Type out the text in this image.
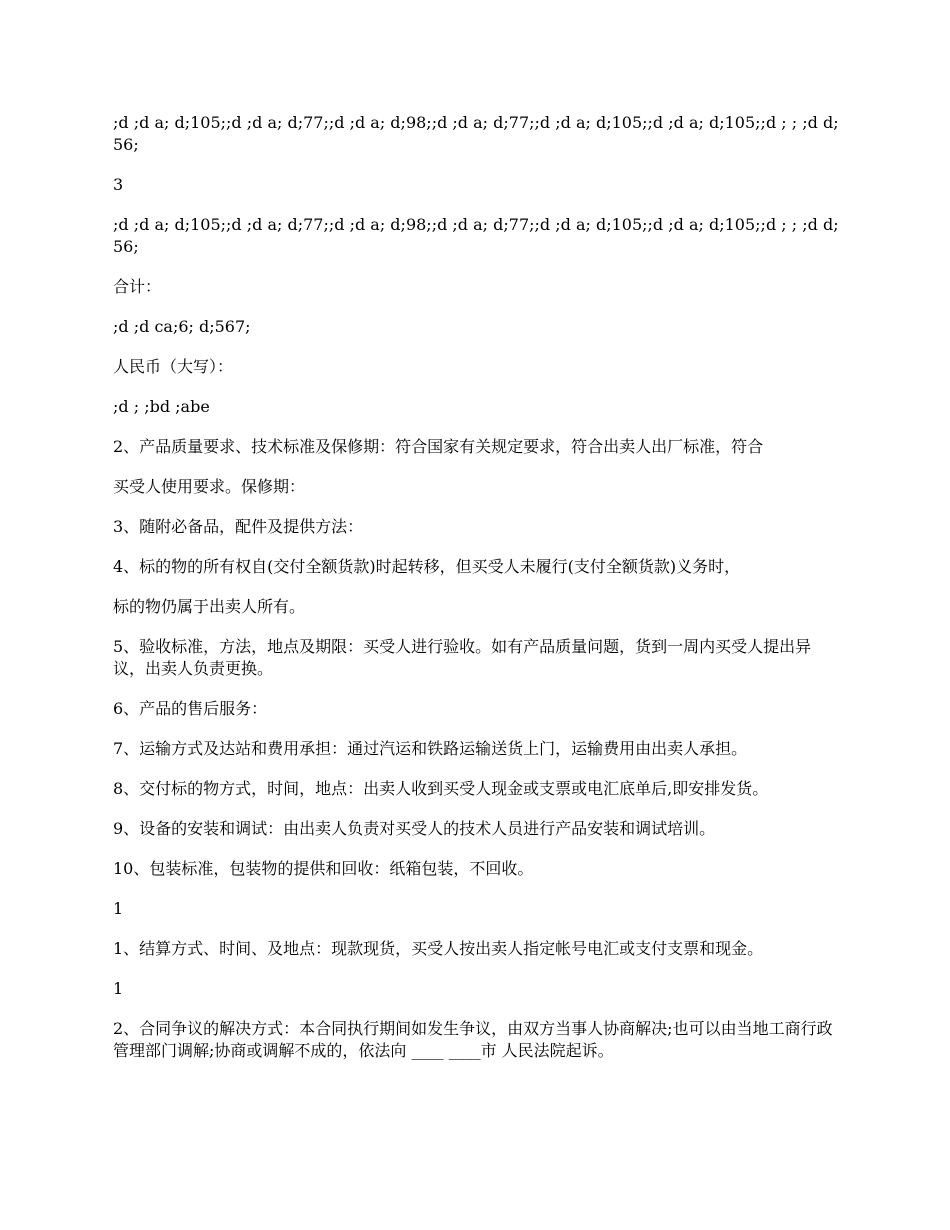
;d ;d a; d;105;;d ;d a; d;77;;d ;d a; d;98;;d ;d a; d;77;;d ;d a; d;105;;d ;d a; d;105;;d ; ; ;d d;56;

3

;d ;d a; d;105;;d ;d a; d;77;;d ;d a; d;98;;d ;d a; d;77;;d ;d a; d;105;;d ;d a; d;105;;d ; ; ;d d;56;

合计：

;d ;d ca;6; d;567;

人民币（大写）：

;d ; ;bd ;abe

2、产品质量要求、技术标准及保修期：符合国家有关规定要求，符合出卖人出厂标准，符合

买受人使用要求。保修期：

3、随附必备品，配件及提供方法：

4、标的物的所有权自(交付全额货款)时起转移，但买受人未履行(支付全额货款)义务时，

标的物仍属于出卖人所有。

5、验收标准，方法，地点及期限：买受人进行验收。如有产品质量问题，货到一周内买受人提出异议，出卖人负责更换。

6、产品的售后服务：

7、运输方式及达站和费用承担：通过汽运和铁路运输送货上门，运输费用由出卖人承担。

8、交付标的物方式，时间，地点：出卖人收到买受人现金或支票或电汇底单后,即安排发货。

9、设备的安装和调试：由出卖人负责对买受人的技术人员进行产品安装和调试培训。

10、包装标准，包装物的提供和回收：纸箱包装，不回收。

1

1、结算方式、时间、及地点：现款现货，买受人按出卖人指定帐号电汇或支付支票和现金。

1

2、合同争议的解决方式：本合同执行期间如发生争议，由双方当事人协商解决;也可以由当地工商行政管理部门调解;协商或调解不成的，依法向 ____ ____市 人民法院起诉。
